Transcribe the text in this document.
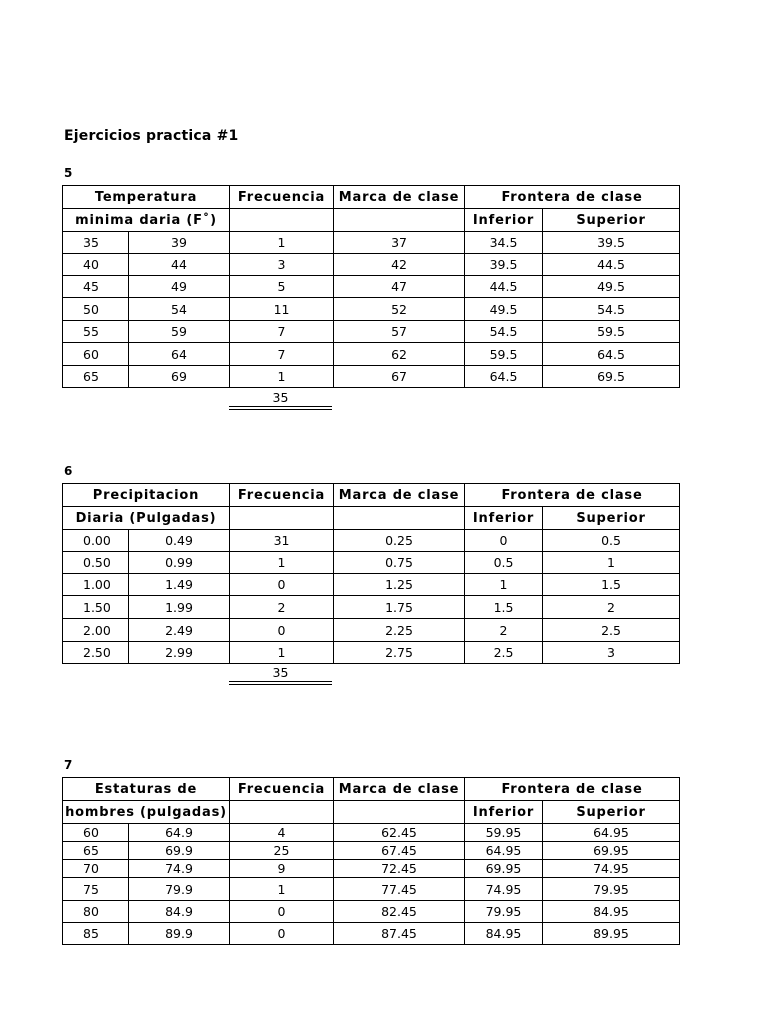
Ejercicios practica #1
5
Temperatura		Frecuencia	Marca de clase	Frontera de clase	
minima daria (F˚)				Inferior	Superior
35	39	1	37	34.5	39.5
40	44	3	42	39.5	44.5
45	49	5	47	44.5	49.5
50	54	11	52	49.5	54.5
55	59	7	57	54.5	59.5
60	64	7	62	59.5	64.5
65	69	1	67	64.5	69.5
35
6
Precipitacion		Frecuencia	Marca de clase	Frontera de clase	
Diaria (Pulgadas)				Inferior	Superior
0.00	0.49	31	0.25	0	0.5
0.50	0.99	1	0.75	0.5	1
1.00	1.49	0	1.25	1	1.5
1.50	1.99	2	1.75	1.5	2
2.00	2.49	0	2.25	2	2.5
2.50	2.99	1	2.75	2.5	3
35
7
Estaturas de		Frecuencia	Marca de clase	Frontera de clase	
hombres (pulgadas)				Inferior	Superior
60	64.9	4	62.45	59.95	64.95
65	69.9	25	67.45	64.95	69.95
70	74.9	9	72.45	69.95	74.95
75	79.9	1	77.45	74.95	79.95
80	84.9	0	82.45	79.95	84.95
85	89.9	0	87.45	84.95	89.95
